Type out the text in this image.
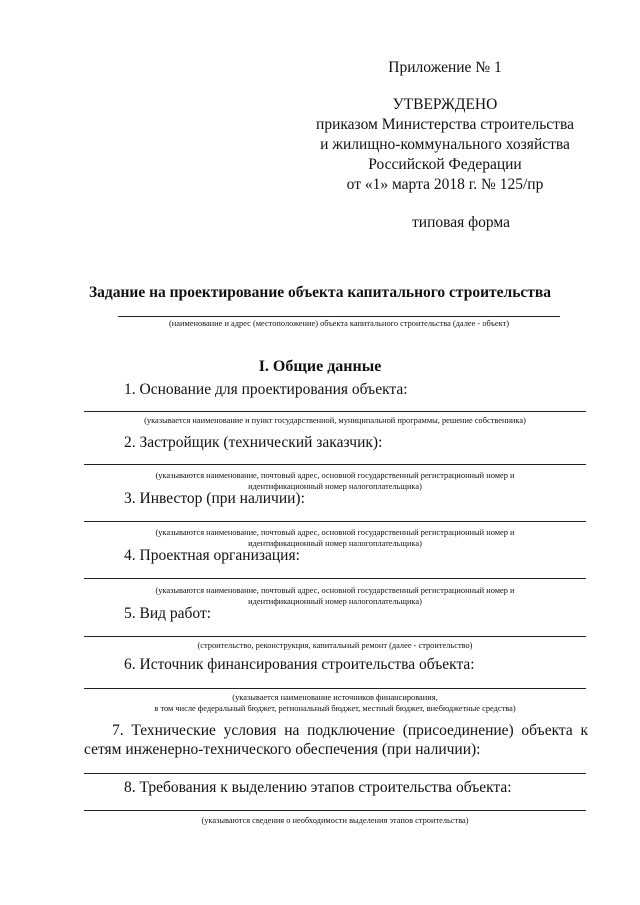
Приложение № 1
УТВЕРЖДЕНО
приказом Министерства строительства
и жилищно-коммунального хозяйства
Российской Федерации
от «1» марта 2018 г. № 125/пр
типовая форма
Задание на проектирование объекта капитального строительства
(наименование и адрес (местоположение) объекта капитального строительства (далее - объект)
I. Общие данные
1. Основание для проектирования объекта:
(указывается наименование и пункт государственной, муниципальной программы, решение собственника)
2. Застройщик (технический заказчик):
(указываются наименование, почтовый адрес, основной государственный регистрационный номер и
идентификационный номер налогоплательщика)
3. Инвестор (при наличии):
(указываются наименование, почтовый адрес, основной государственный регистрационный номер и
идентификационный номер налогоплательщика)
4. Проектная организация:
(указываются наименование, почтовый адрес, основной государственный регистрационный номер и
идентификационный номер налогоплательщика)
5. Вид работ:
(строительство, реконструкция, капитальный ремонт (далее - строительство)
6. Источник финансирования строительства объекта:
(указывается наименование источников финансирования,
в том числе федеральный бюджет, региональный бюджет, местный бюджет, внебюджетные средства)
7. Технические условия на подключение (присоединение) объекта к
сетям инженерно-технического обеспечения (при наличии):
8. Требования к выделению этапов строительства объекта:
(указываются сведения о необходимости выделения этапов строительства)
